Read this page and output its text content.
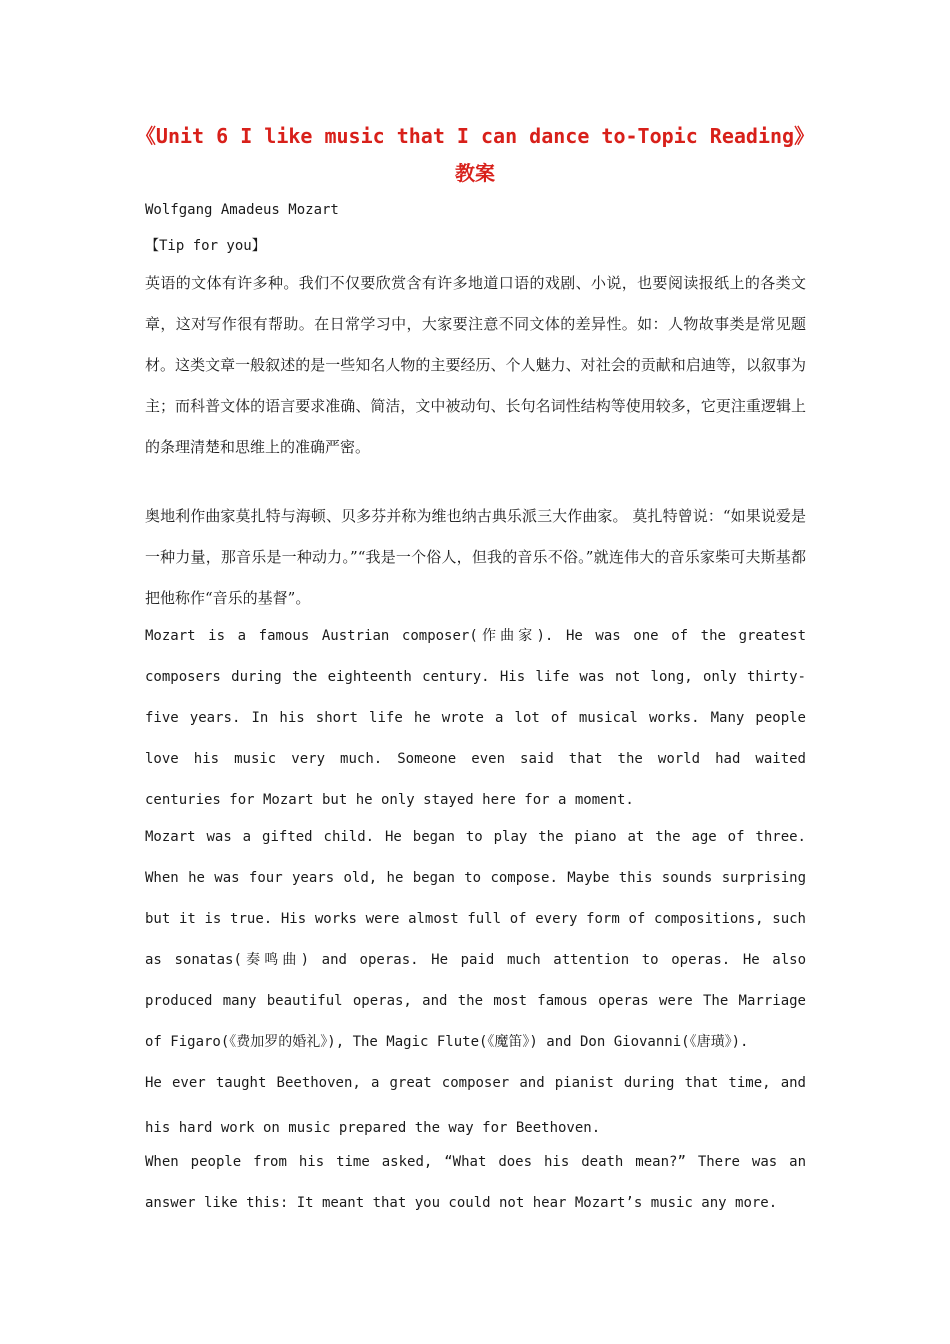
《Unit 6 I like music that I can dance to-Topic Reading》教案
Wolfgang Amadeus Mozart
【Tip for you】
英语的文体有许多种。我们不仅要欣赏含有许多地道口语的戏剧、小说，也要阅读报纸上的各类文章，这对写作很有帮助。在日常学习中，大家要注意不同文体的差异性。如：人物故事类是常见题材。这类文章一般叙述的是一些知名人物的主要经历、个人魅力、对社会的贡献和启迪等，以叙事为主；而科普文体的语言要求准确、简洁，文中被动句、长句名词性结构等使用较多，它更注重逻辑上的条理清楚和思维上的准确严密。
奥地利作曲家莫扎特与海顿、贝多芬并称为维也纳古典乐派三大作曲家。 莫扎特曾说：“如果说爱是一种力量，那音乐是一种动力。”“我是一个俗人，但我的音乐不俗。”就连伟大的音乐家柴可夫斯基都把他称作“音乐的基督”。
Mozart is a famous Austrian composer(作曲家). He was one of the greatest composers during the eighteenth century. His life was not long, only thirty-five years. In his short life he wrote a lot of musical works. Many people love his music very much. Someone even said that the world had waited centuries for Mozart but he only stayed here for a moment.
Mozart was a gifted child. He began to play the piano at the age of three. When he was four years old, he began to compose. Maybe this sounds surprising but it is true. His works were almost full of every form of compositions, such as sonatas(奏鸣曲) and operas. He paid much attention to operas. He also produced many beautiful operas, and the most famous operas were The Marriage of Figaro(《费加罗的婚礼》), The Magic Flute(《魔笛》) and Don Giovanni(《唐璜》).
He ever taught Beethoven, a great composer and pianist during that time, and his hard work on music prepared the way for Beethoven.
When people from his time asked, “What does his death mean?” There was an answer like this: It meant that you could not hear Mozart’s music any more.
